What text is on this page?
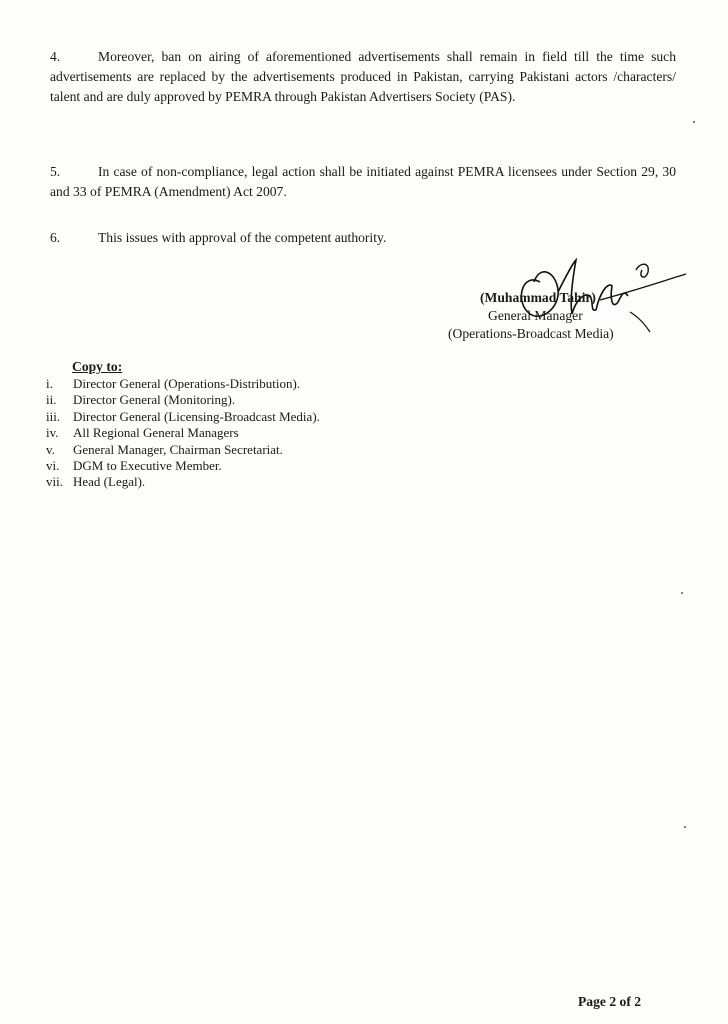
4.	Moreover, ban on airing of aforementioned advertisements shall remain in field till the time such advertisements are replaced by the advertisements produced in Pakistan, carrying Pakistani actors /characters/ talent and are duly approved by PEMRA through Pakistan Advertisers Society (PAS).

5.	In case of non-compliance, legal action shall be initiated against PEMRA licensees under Section 29, 30 and 33 of PEMRA (Amendment) Act 2007.

6.	This issues with approval of the competent authority.

(Muhammad Tahir)

General Manager

(Operations-Broadcast Media)

Copy to:

i. Director General (Operations-Distribution).
ii. Director General (Monitoring).
iii. Director General (Licensing-Broadcast Media).
iv. All Regional General Managers
v. General Manager, Chairman Secretariat.
vi. DGM to Executive Member.
vii. Head (Legal).

Page 2 of 2
